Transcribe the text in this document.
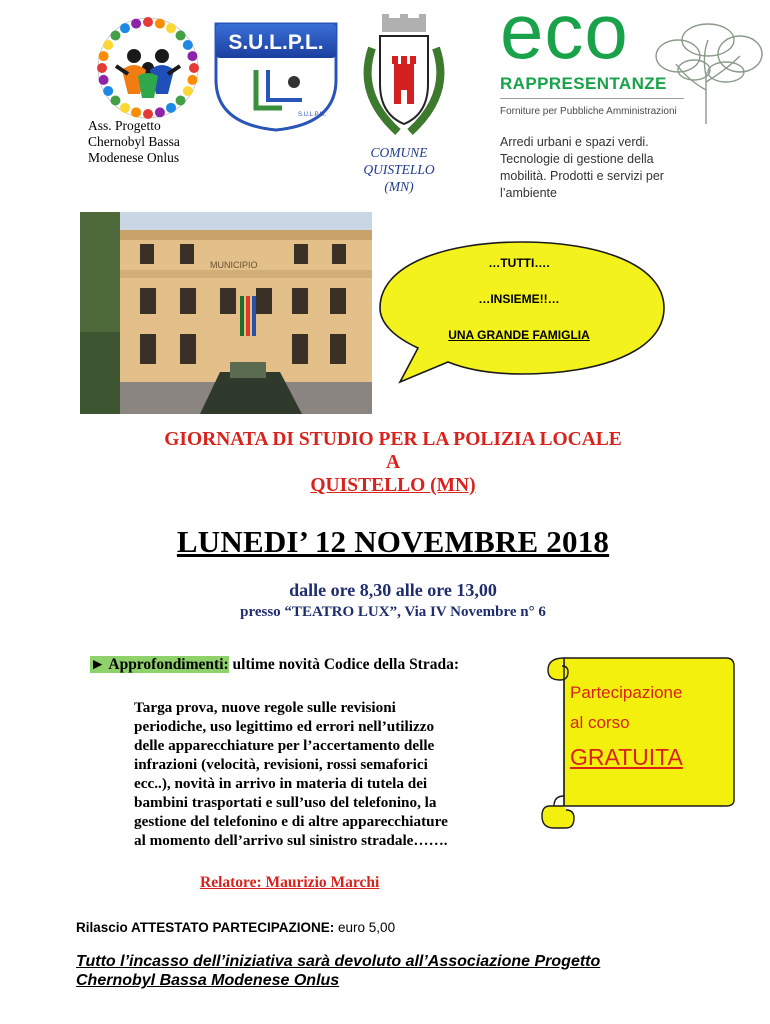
Ass. Progetto
Chernobyl Bassa
Modenese Onlus
S.U.L.P.L.
S.U.L.P.M.
COMUNE
QUISTELLO
(MN)
eco
RAPPRESENTANZE
Forniture per Pubbliche Amministrazioni
Arredi urbani e spazi verdi.
Tecnologie di gestione della
mobilità. Prodotti e servizi per
l’ambiente
MUNICIPIO	…TUTTI….
…INSIEME!!…
UNA GRANDE FAMIGLIA
GIORNATA DI STUDIO PER LA POLIZIA LOCALE
A
QUISTELLO (MN)
LUNEDI’ 12 NOVEMBRE 2018
dalle ore 8,30 alle ore 13,00
presso “TEATRO LUX”, Via IV Novembre n° 6
► Approfondimenti: ultime novità Codice della Strada:
Targa prova, nuove regole sulle revisioni
periodiche, uso legittimo ed errori nell’utilizzo
delle apparecchiature per l’accertamento delle
infrazioni (velocità, revisioni, rossi semaforici
ecc..), novità in arrivo in materia di tutela dei
bambini trasportati e sull’uso del telefonino, la
gestione del telefonino e di altre apparecchiature
al momento dell’arrivo sul sinistro stradale…….
Partecipazione
al corso
GRATUITA
Relatore: Maurizio Marchi
Rilascio ATTESTATO PARTECIPAZIONE: euro 5,00
Tutto l’incasso dell’iniziativa sarà devoluto all’Associazione Progetto
Chernobyl Bassa Modenese Onlus
